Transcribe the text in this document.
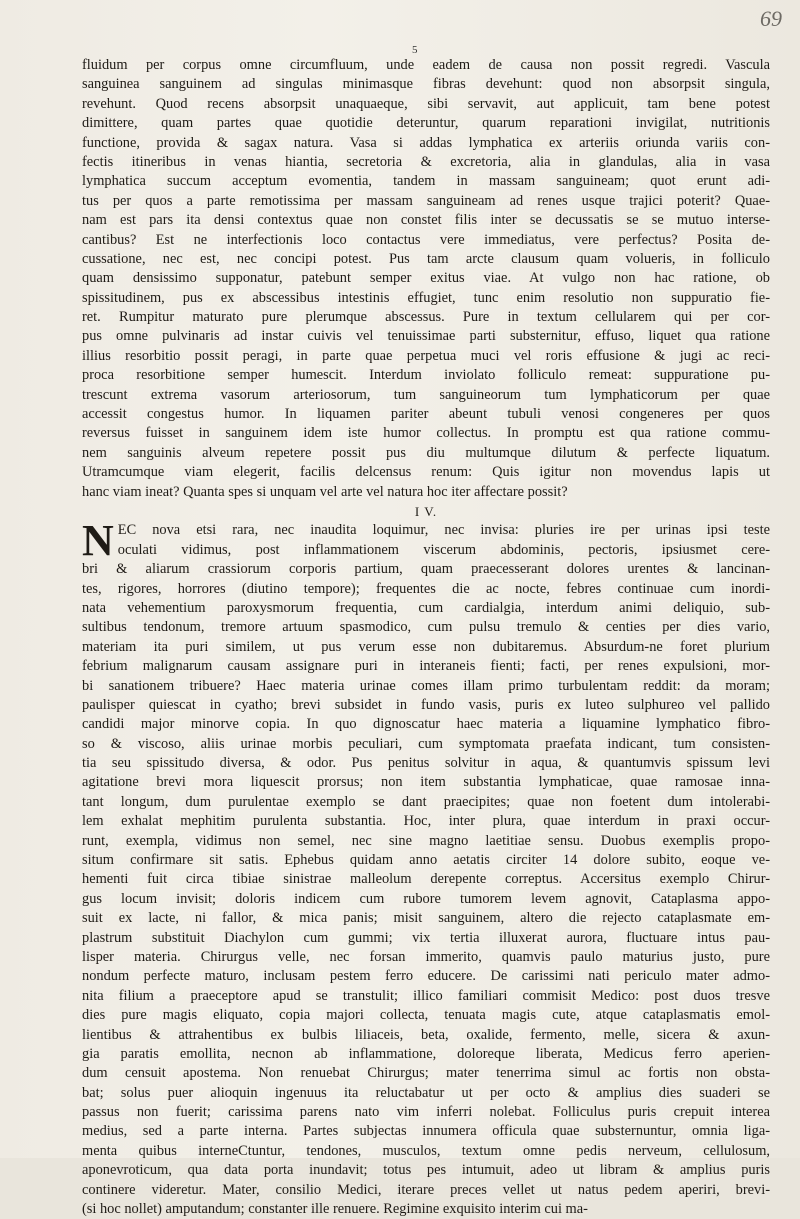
69
5
fluidum per corpus omne circumfluum, unde eadem de causa non possit regredi. Vascula
sanguinea sanguinem ad singulas minimasque fibras devehunt: quod non absorpsit singula,
revehunt. Quod recens absorpsit unaquaeque, sibi servavit, aut applicuit, tam bene potest
dimittere, quam partes quae quotidie deteruntur, quarum reparationi invigilat, nutritionis
functione, provida & sagax natura. Vasa si addas lymphatica ex arteriis oriunda variis con-
fectis itineribus in venas hiantia, secretoria & excretoria, alia in glandulas, alia in vasa
lymphatica succum acceptum evomentia, tandem in massam sanguineam; quot erunt adi-
tus per quos a parte remotissima per massam sanguineam ad renes usque trajici poterit? Quae-
nam est pars ita densi contextus quae non constet filis inter se decussatis se se mutuo interse-
cantibus? Est ne interfectionis loco contactus vere immediatus, vere perfectus? Posita de-
cussatione, nec est, nec concipi potest. Pus tam arcte clausum quam volueris, in folliculo
quam densissimo supponatur, patebunt semper exitus viae. At vulgo non hac ratione, ob
spissitudinem, pus ex abscessibus intestinis effugiet, tunc enim resolutio non suppuratio fie-
ret. Rumpitur maturato pure plerumque abscessus. Pure in textum cellularem qui per cor-
pus omne pulvinaris ad instar cuivis vel tenuissimae parti substernitur, effuso, liquet qua ratione
illius resorbitio possit peragi, in parte quae perpetua muci vel roris effusione & jugi ac reci-
proca resorbitione semper humescit. Interdum inviolato folliculo remeat: suppuratione pu-
trescunt extrema vasorum arteriosorum, tum sanguineorum tum lymphaticorum per quae
accessit congestus humor. In liquamen pariter abeunt tubuli venosi congeneres per quos
reversus fuisset in sanguinem idem iste humor collectus. In promptu est qua ratione commu-
nem sanguinis alveum repetere possit pus diu multumque dilutum & perfecte liquatum.
Utramcumque viam elegerit, facilis delcensus renum: Quis igitur non movendus lapis ut
hanc viam ineat? Quanta spes si unquam vel arte vel natura hoc iter affectare possit?
I V.
N EC nova etsi rara, nec inaudita loquimur, nec invisa: pluries ire per urinas ipsi teste
oculati vidimus, post inflammationem viscerum abdominis, pectoris, ipsiusmet cere-
bri & aliarum crassiorum corporis partium, quam praecesserant dolores urentes & lancinan-
tes, rigores, horrores (diutino tempore); frequentes die ac nocte, febres continuae cum inordi-
nata vehementium paroxysmorum frequentia, cum cardialgia, interdum animi deliquio, sub-
sultibus tendonum, tremore artuum spasmodico, cum pulsu tremulo & centies per dies vario,
materiam ita puri similem, ut pus verum esse non dubitaremus. Absurdum-ne foret plurium
febrium malignarum causam assignare puri in interaneis fienti; facti, per renes expulsioni, mor-
bi sanationem tribuere? Haec materia urinae comes illam primo turbulentam reddit: da moram;
paulisper quiescat in cyatho; brevi subsidet in fundo vasis, puris ex luteo sulphureo vel pallido
candidi major minorve copia. In quo dignoscatur haec materia a liquamine lymphatico fibro-
so & viscoso, aliis urinae morbis peculiari, cum symptomata praefata indicant, tum consisten-
tia seu spissitudo diversa, & odor. Pus penitus solvitur in aqua, & quantumvis spissum levi
agitatione brevi mora liquescit prorsus; non item substantia lymphaticae, quae ramosae inna-
tant longum, dum purulentae exemplo se dant praecipites; quae non foetent dum intolerabi-
lem exhalat mephitim purulenta substantia. Hoc, inter plura, quae interdum in praxi occur-
runt, exempla, vidimus non semel, nec sine magno laetitiae sensu. Duobus exemplis propo-
situm confirmare sit satis. Ephebus quidam anno aetatis circiter 14 dolore subito, eoque ve-
hementi fuit circa tibiae sinistrae malleolum derepente correptus. Accersitus exemplo Chirur-
gus locum invisit; doloris indicem cum rubore tumorem levem agnovit, Cataplasma appo-
suit ex lacte, ni fallor, & mica panis; misit sanguinem, altero die rejecto cataplasmate em-
plastrum substituit Diachylon cum gummi; vix tertia illuxerat aurora, fluctuare intus pau-
lisper materia. Chirurgus velle, nec forsan immerito, quamvis paulo maturius justo, pure
nondum perfecte maturo, inclusam pestem ferro educere. De carissimi nati periculo mater admo-
nita filium a praeceptore apud se transtulit; illico familiari commisit Medico: post duos tresve
dies pure magis eliquato, copia majori collecta, tenuata magis cute, atque cataplasmatis emol-
lientibus & attrahentibus ex bulbis liliaceis, beta, oxalide, fermento, melle, sicera & axun-
gia paratis emollita, necnon ab inflammatione, doloreque liberata, Medicus ferro aperien-
dum censuit apostema. Non renuebat Chirurgus; mater tenerrima simul ac fortis non obsta-
bat; solus puer alioquin ingenuus ita reluctabatur ut per octo & amplius dies suaderi se
passus non fuerit; carissima parens nato vim inferri nolebat. Folliculus puris crepuit interea
medius, sed a parte interna. Partes subjectas innumera officula quae substernuntur, omnia liga-
menta quibus interneCtuntur, tendones, musculos, textum omne pedis nerveum, cellulosum,
aponevroticum, qua data porta inundavit; totus pes intumuit, adeo ut libram & amplius puris
continere videretur. Mater, consilio Medici, iterare preces vellet ut natus pedem aperiri, brevi-
(si hoc nollet) amputandum; constanter ille renuere. Regimine exquisito interim cui ma-
